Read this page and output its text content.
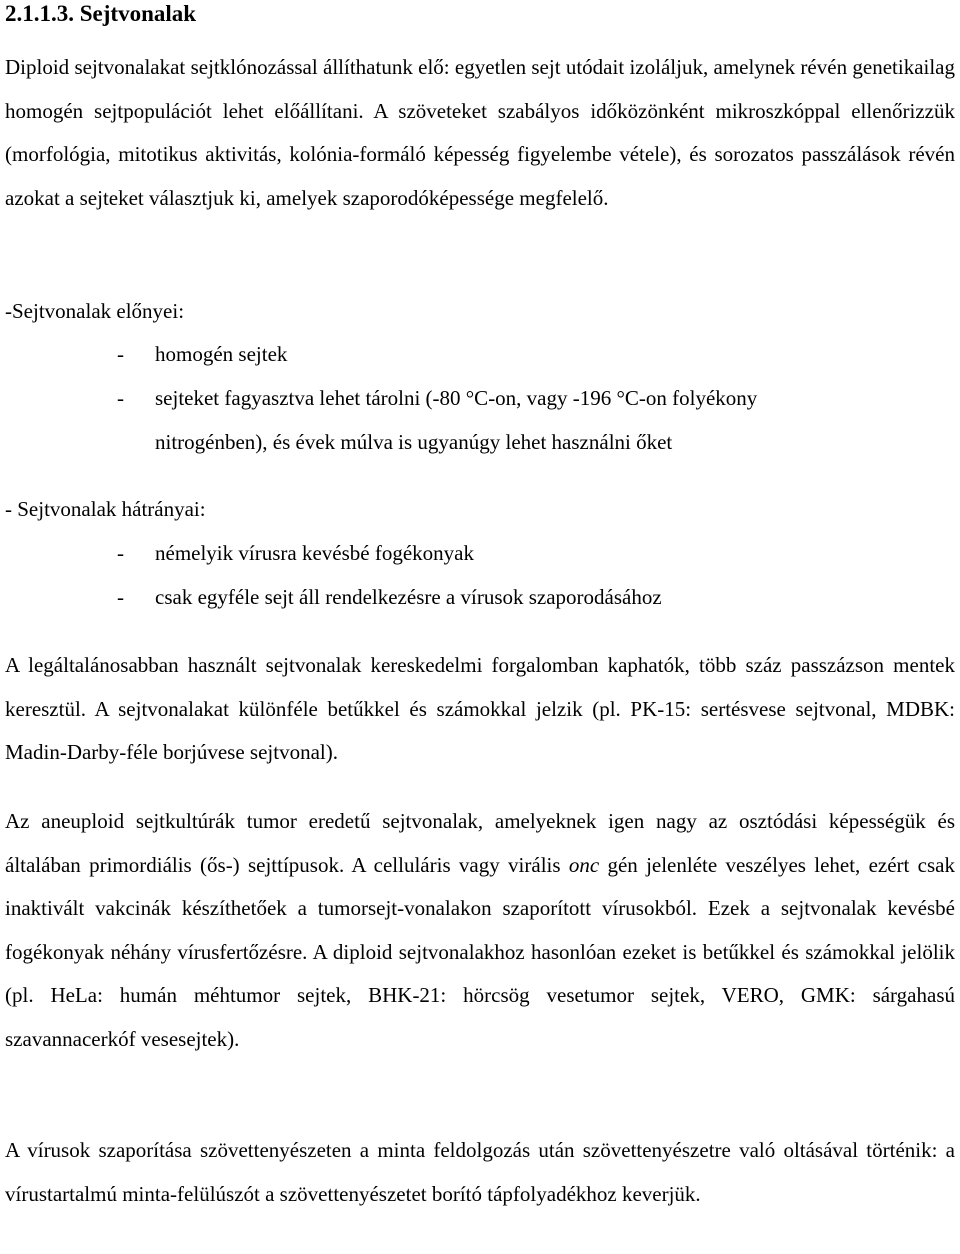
2.1.1.3. Sejtvonalak

Diploid sejtvonalakat sejtklónozással állíthatunk elő: egyetlen sejt utódait izoláljuk, amelynek révén genetikailag homogén sejtpopulációt lehet előállítani. A szöveteket szabályos időközönként mikroszkóppal ellenőrizzük (morfológia, mitotikus aktivitás, kolónia-formáló képesség figyelembe vétele), és sorozatos passzálások révén azokat a sejteket választjuk ki, amelyek szaporodóképessége megfelelő.

-Sejtvonalak előnyei:
- homogén sejtek
- sejteket fagyasztva lehet tárolni (-80 °C-on, vagy -196 °C-on folyékony nitrogénben), és évek múlva is ugyanúgy lehet használni őket
- Sejtvonalak hátrányai:
- némelyik vírusra kevésbé fogékonyak
- csak egyféle sejt áll rendelkezésre a vírusok szaporodásához

A legáltalánosabban használt sejtvonalak kereskedelmi forgalomban kaphatók, több száz passzázson mentek keresztül. A sejtvonalakat különféle betűkkel és számokkal jelzik (pl. PK-15: sertésvese sejtvonal, MDBK: Madin-Darby-féle borjúvese sejtvonal).

Az aneuploid sejtkultúrák tumor eredetű sejtvonalak, amelyeknek igen nagy az osztódási képességük és általában primordiális (ős-) sejttípusok. A celluláris vagy virális onc gén jelenléte veszélyes lehet, ezért csak inaktivált vakcinák készíthetőek a tumorsejt-vonalakon szaporított vírusokból. Ezek a sejtvonalak kevésbé fogékonyak néhány vírusfertőzésre. A diploid sejtvonalakhoz hasonlóan ezeket is betűkkel és számokkal jelölik (pl. HeLa: humán méhtumor sejtek, BHK-21: hörcsög vesetumor sejtek, VERO, GMK: sárgahasú szavannacerkóf vesesejtek).

A vírusok szaporítása szövettenyészeten a minta feldolgozás után szövettenyészetre való oltásával történik: a vírustartalmú minta-felülúszót a szövettenyészetet borító tápfolyadékhoz keverjük.
